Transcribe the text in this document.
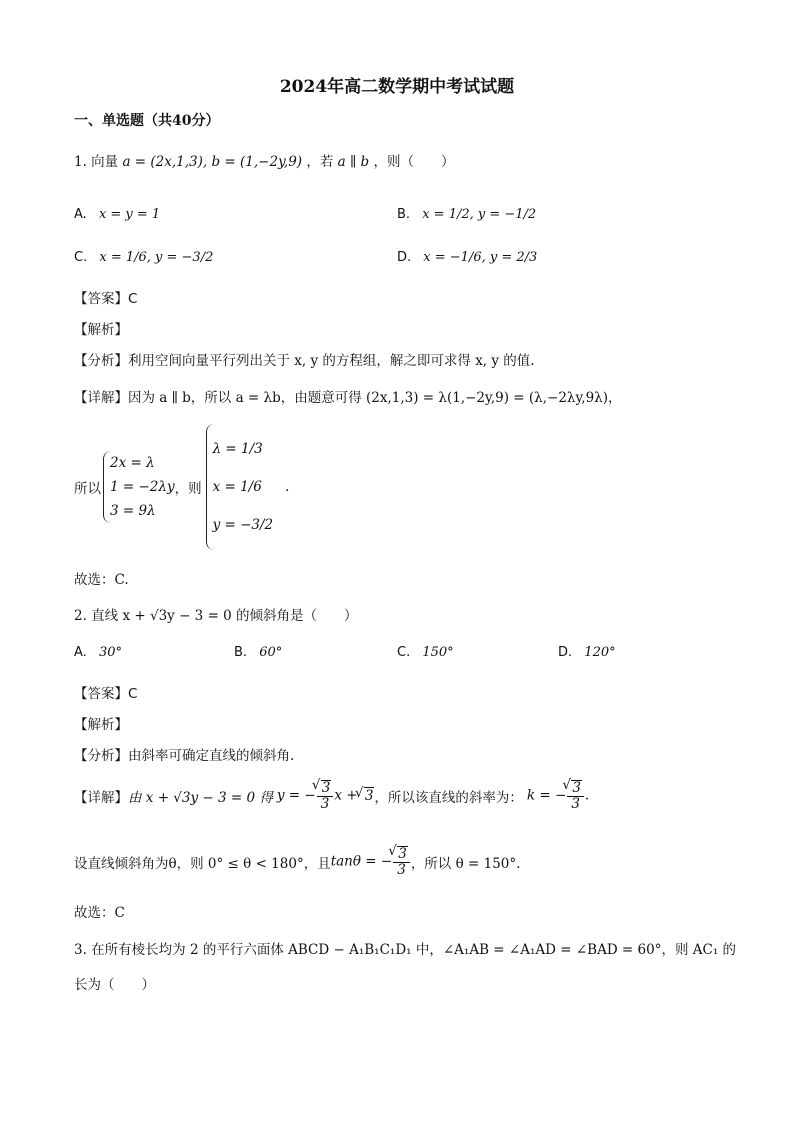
2024年高二数学期中考试试题
一、单选题（共40分）
1. 向量 a = (2x,1,3), b = (1,−2y,9) ，若 a ∥ b ，则（　　）
A. x = y = 1	B. x = 1/2, y = −1/2
C. x = 1/6, y = −3/2	D. x = −1/6, y = 2/3
【答案】C
【解析】
【分析】利用空间向量平行列出关于 x, y 的方程组，解之即可求得 x, y 的值.
【详解】因为 a ∥ b，所以 a = λb，由题意可得 (2x,1,3) = λ(1,−2y,9) = (λ,−2λy,9λ)，
所以
2x = λ
1 = −2λy
3 = 9λ
，则
λ = 1/3
x = 1/6
y = −3/2
.
故选：C.
2. 直线 x + √3y − 3 = 0 的倾斜角是（　　）
A. 30°	B. 60°	C. 150°	D. 120°
【答案】C
【解析】
【分析】由斜率可确定直线的倾斜角.
【详解】 由 x + √3y − 3 = 0 得 y = − √ $\frac{3}{3}$ x + √ 3 ，所以该直线的斜率为： k = − √ $\frac{3}{3}$ .
设直线倾斜角为θ，则 0° ≤ θ < 180°，且 tanθ = − √ $\frac{3}{3}$ ，所以 θ = 150°.
故选：C
3. 在所有棱长均为 2 的平行六面体 ABCD − A₁B₁C₁D₁ 中，∠A₁AB = ∠A₁AD = ∠BAD = 60°，则 AC₁ 的
长为（　　）
